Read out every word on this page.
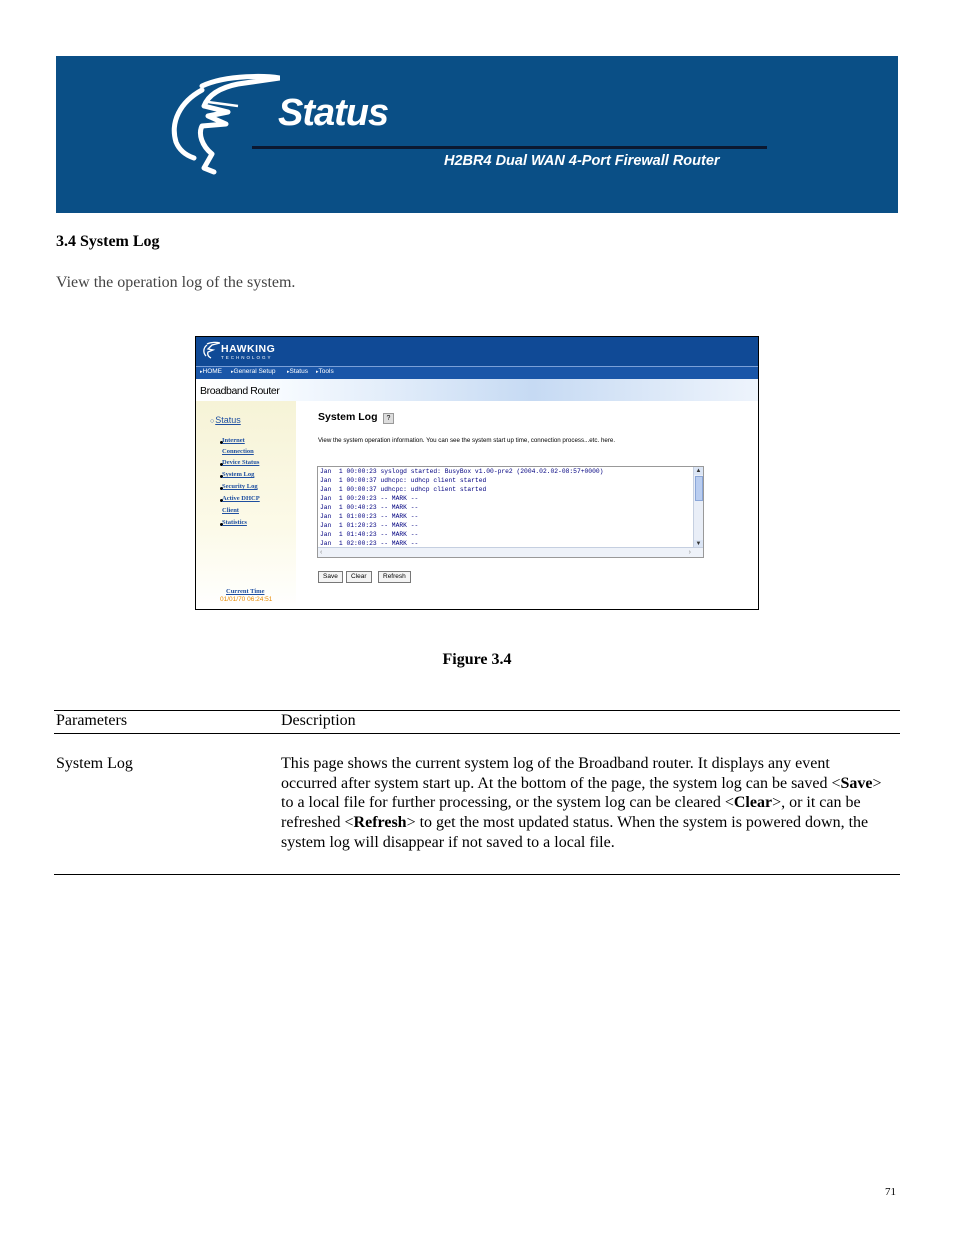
Status
H2BR4 Dual WAN 4-Port Firewall Router
3.4 System Log
View the operation log of the system.
HAWKING
TECHNOLOGY
▸ HOME	▸ General Setup	▸ Status	▸ Tools
Broadband Router
○ Status
Internet
Connection
Device Status
System Log
Security Log
Active DHCP
Client
Statistics
Current Time
01/01/70 06:24:51
System Log	?
View the system operation information. You can see the system start up time, connection process...etc. here.
Jan  1 00:00:23 syslogd started: BusyBox v1.00-pre2 (2004.02.02-08:57+0000)
Jan  1 00:00:37 udhcpc: udhcp client started
Jan  1 00:00:37 udhcpc: udhcp client started
Jan  1 00:20:23 -- MARK --
Jan  1 00:40:23 -- MARK --
Jan  1 01:00:23 -- MARK --
Jan  1 01:20:23 -- MARK --
Jan  1 01:40:23 -- MARK --
Jan  1 02:00:23 -- MARK --
▲
▼
‹	›
Save	Clear	Refresh
Figure 3.4
Parameters	Description
System Log	This page shows the current system log of the Broadband router. It displays any event occurred after system start up. At the bottom of the page, the system log can be saved <Save> to a local file for further processing, or the system log can be cleared <Clear>, or it can be refreshed <Refresh> to get the most updated status. When the system is powered down, the system log will disappear if not saved to a local file.
71
